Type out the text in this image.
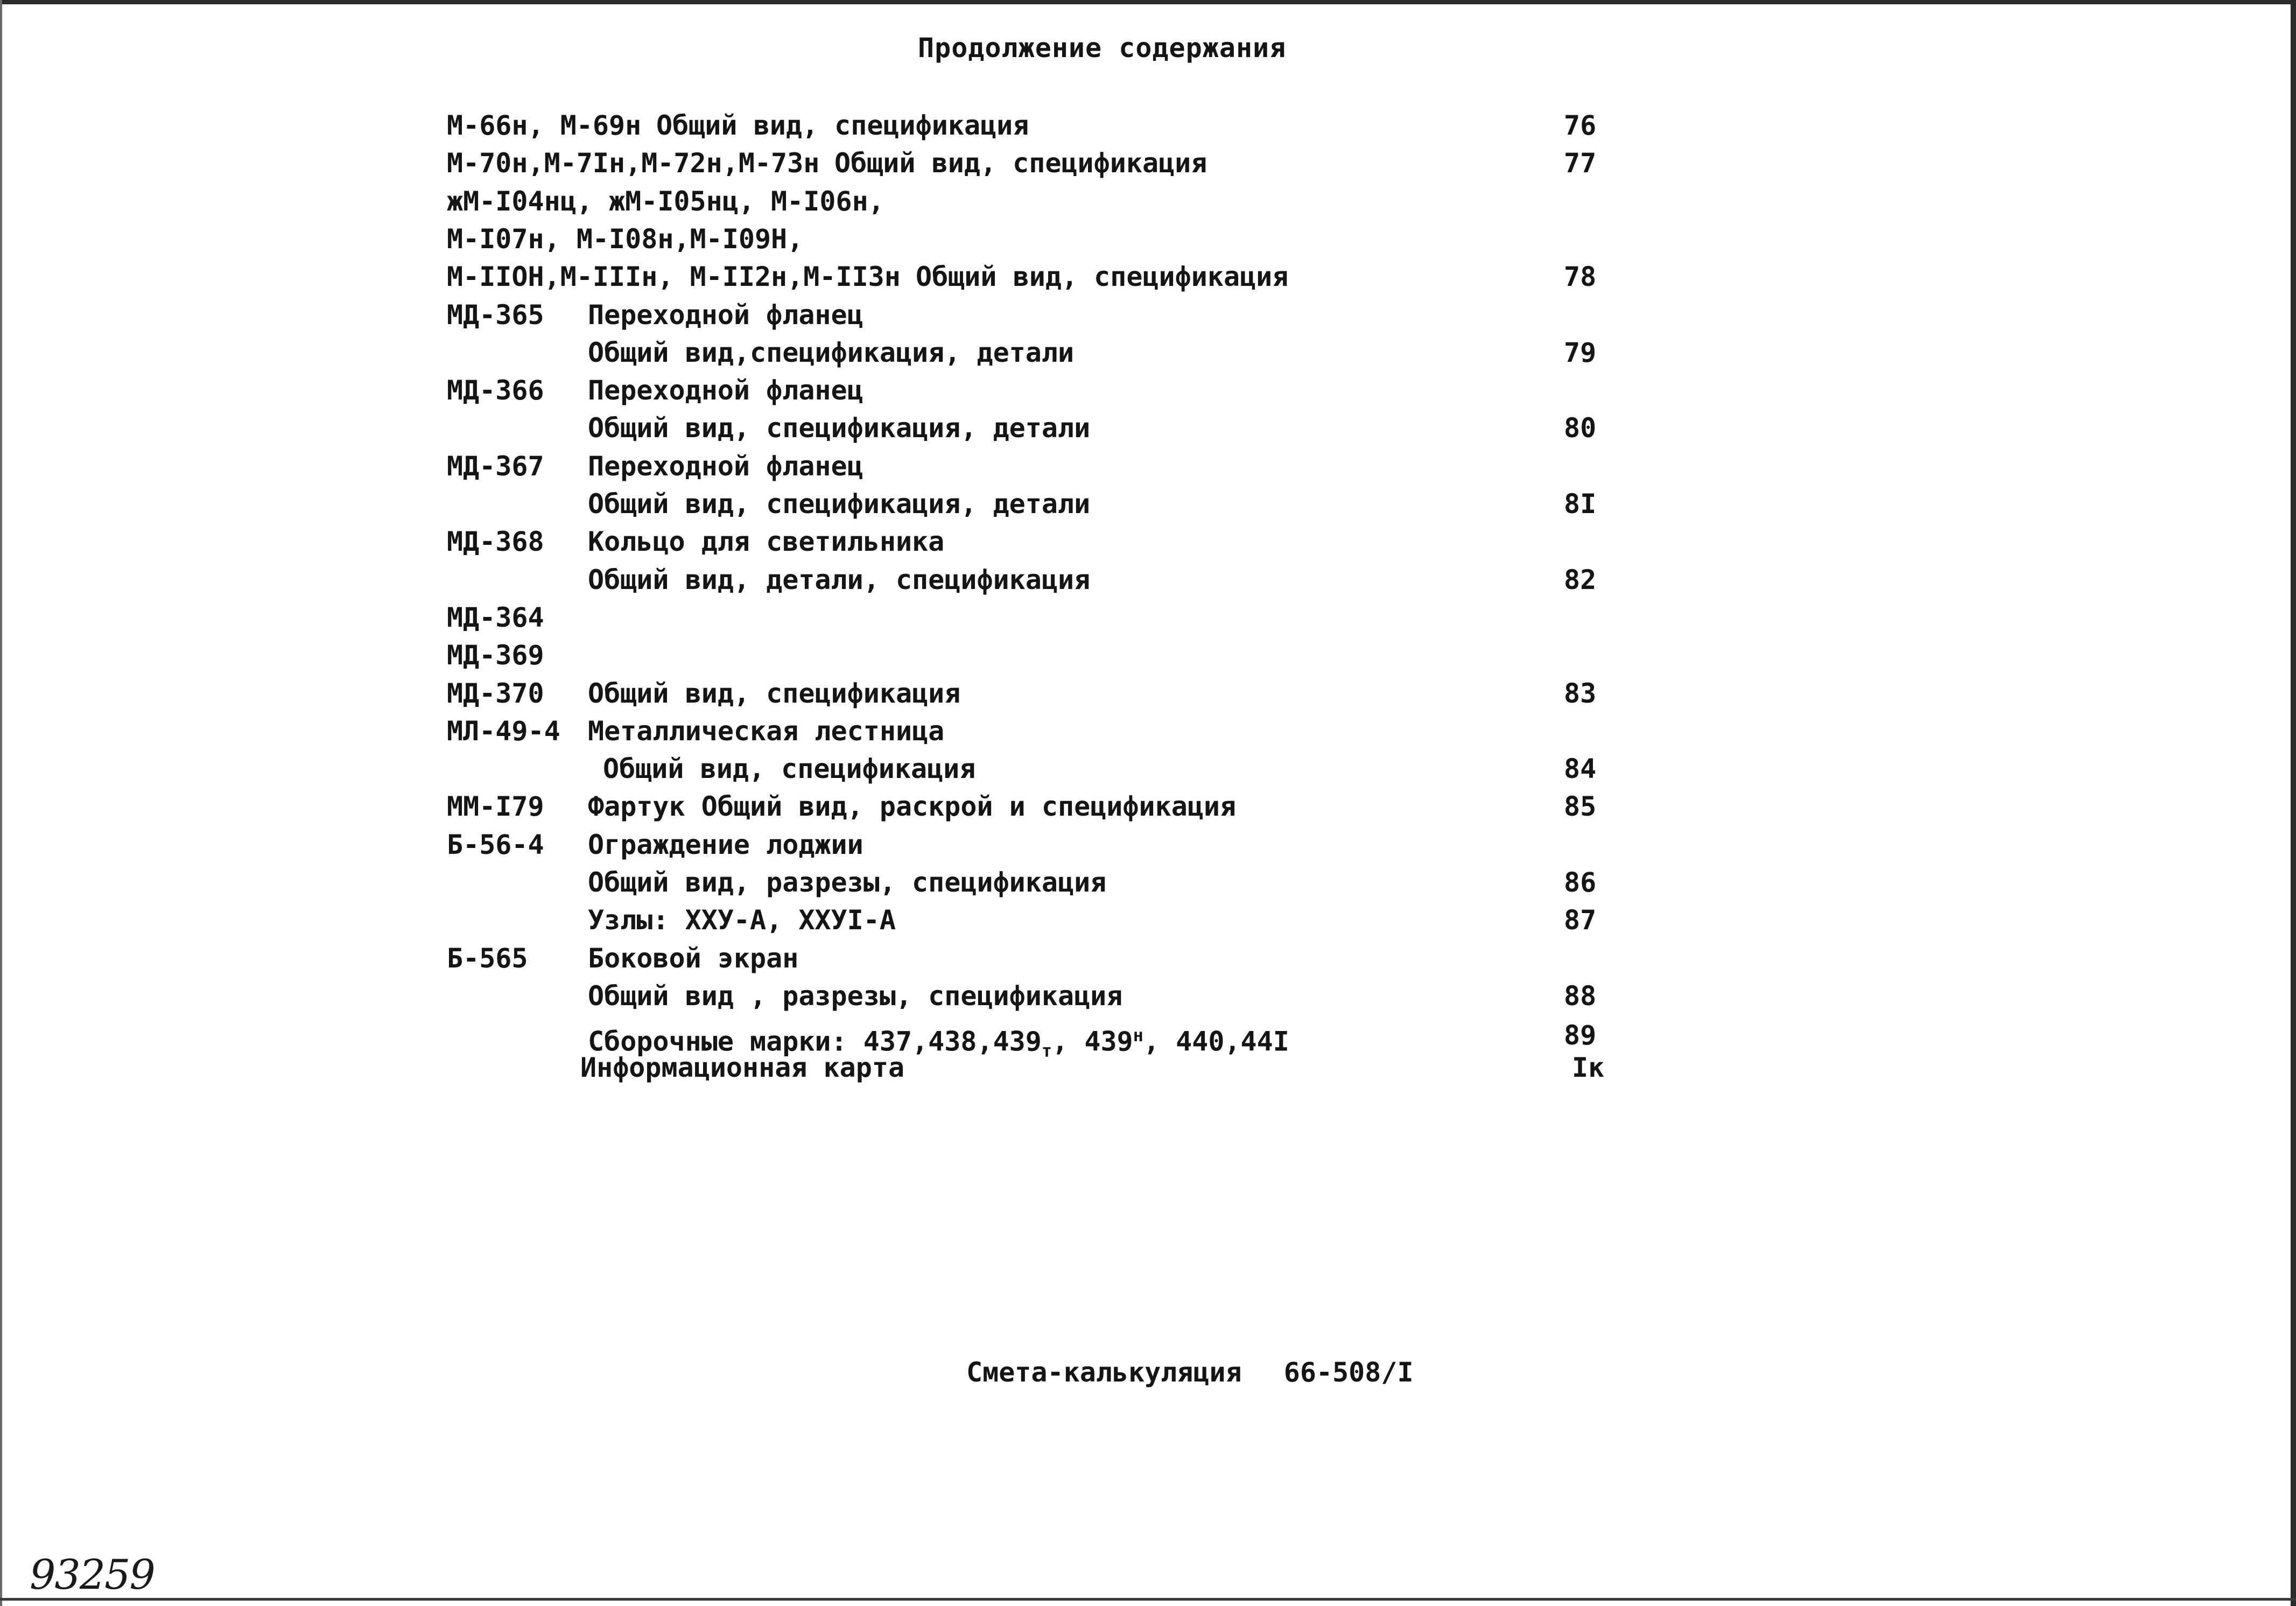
Продолжение содержания
М-66н, М-69н Общий вид, спецификация	76
М-70н,М-7Iн,М-72н,М-73н Общий вид, спецификация	77
жМ-I04нц, жМ-I05нц, М-I06н,
М-I07н, М-I08н,М-I09Н,
М-IIОН,М-IIIн, М-II2н,М-II3н Общий вид, спецификация	78
МД-365 Переходной фланец
Общий вид,спецификация, детали	79
МД-366 Переходной фланец
Общий вид, спецификация, детали	80
МД-367 Переходной фланец
Общий вид, спецификация, детали	8I
МД-368 Кольцо для светильника
Общий вид, детали, спецификация	82
МД-364
МД-369
МД-370 Общий вид, спецификация	83
МЛ-49-4 Металлическая лестница
Общий вид, спецификация	84
ММ-I79 Фартук Общий вид, раскрой и спецификация	85
Б-56-4 Ограждение лоджии
Общий вид, разрезы, спецификация	86
Узлы: ХХУ-А, ХХУI-А	87
Б-565 Боковой экран
Общий вид , разрезы, спецификация	88
Сборочные марки: $437,438,439_т$, $439^н$, 440,44I	89
Информационная карта	Iк
Смета-калькуляция 66-508/I
93259
